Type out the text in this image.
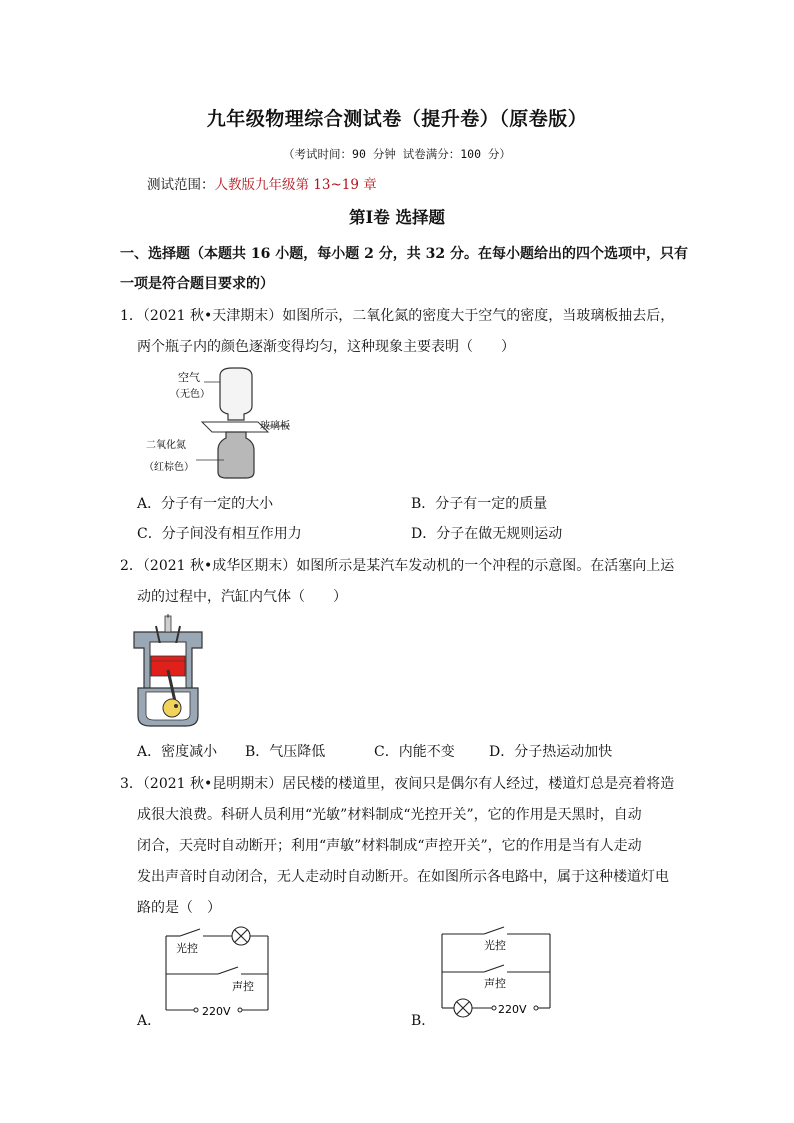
九年级物理综合测试卷（提升卷）（原卷版）
（考试时间：90 分钟 试卷满分：100 分）
测试范围：人教版九年级第 13~19 章
第Ⅰ卷 选择题
一、选择题（本题共 16 小题，每小题 2 分，共 32 分。在每小题给出的四个选项中，只有
一项是符合题目要求的）
1．（2021 秋•天津期末）如图所示，二氧化氮的密度大于空气的密度，当玻璃板抽去后，
两个瓶子内的颜色逐渐变得均匀，这种现象主要表明（　　）
空气
（无色）
玻璃板
二氧化氮
（红棕色）
A．分子有一定的大小	B．分子有一定的质量
C．分子间没有相互作用力	D．分子在做无规则运动
2．（2021 秋•成华区期末）如图所示是某汽车发动机的一个冲程的示意图。在活塞向上运
动的过程中，汽缸内气体（　　）
A．密度减小 B．气压降低	C．内能不变 D．分子热运动加快
3．（2021 秋•昆明期末）居民楼的楼道里，夜间只是偶尔有人经过，楼道灯总是亮着将造
成很大浪费。科研人员利用“光敏”材料制成“光控开关”，它的作用是天黑时，自动
闭合，天亮时自动断开；利用“声敏”材料制成“声控开关”，它的作用是当有人走动
发出声音时自动闭合，无人走动时自动断开。在如图所示各电路中，属于这种楼道灯电
路的是（　）
A．
光控
声控
220V
B．
光控
声控
220V
